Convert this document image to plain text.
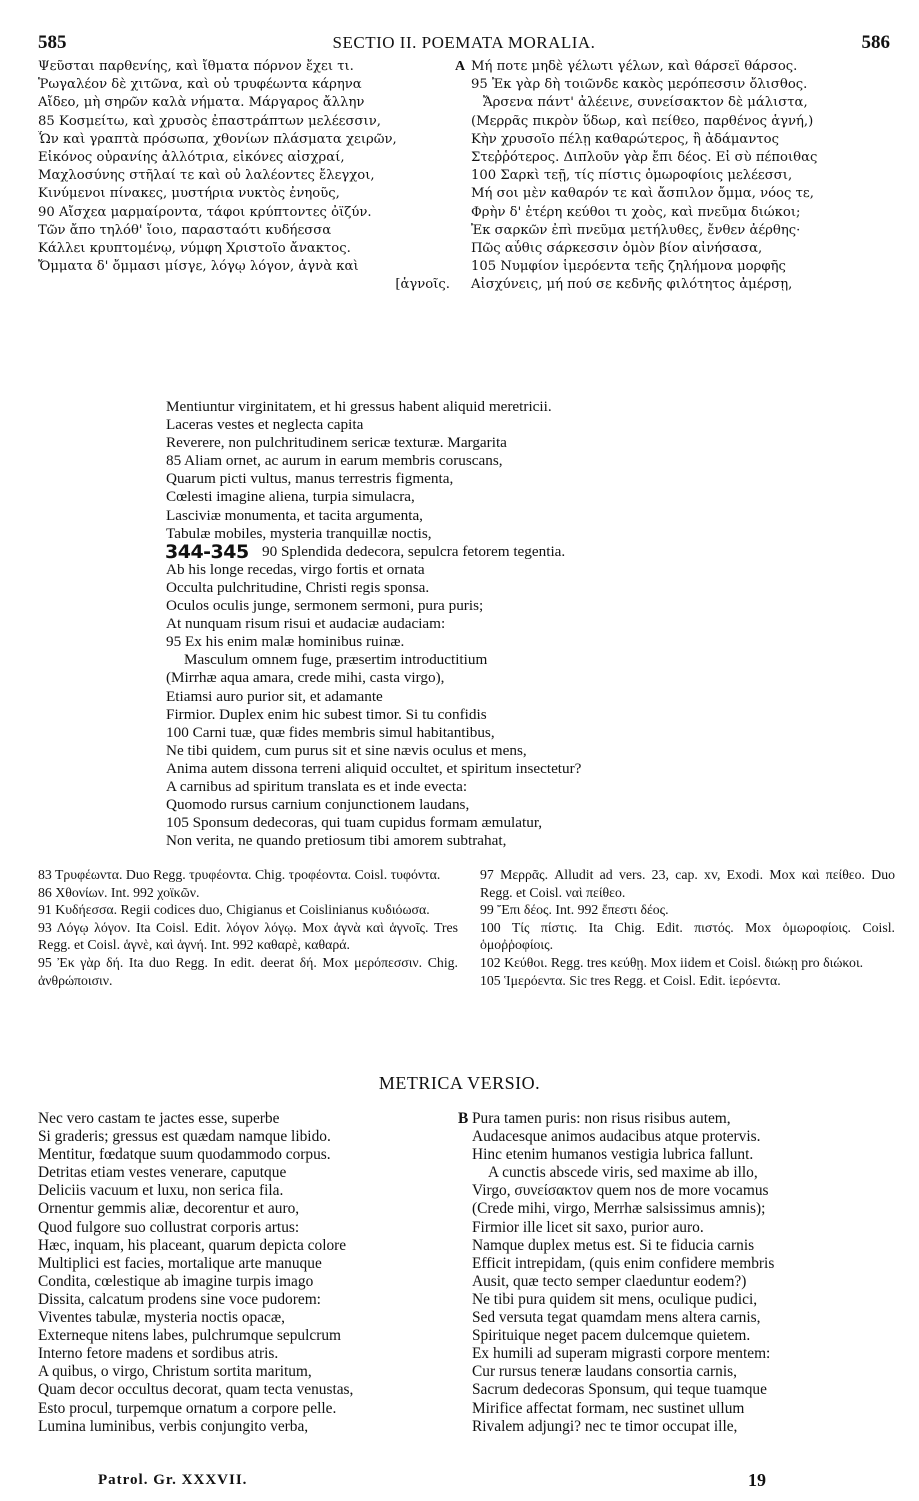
585	SECTIO II. POEMATA MORALIA.	586
Ψεῦσται παρθενίης, καὶ ἴθματα πόρνον ἔχει τι.
Ῥωγαλέον δὲ χιτῶνα, καὶ οὐ τρυφέωντα κάρηνα
Αἴδεο, μὴ σηρῶν καλὰ νήματα. Μάργαρος ἄλλην
85 Κοσμείτω, καὶ χρυσὸς ἐπαστράπτων μελέεσσιν,
Ὧν καὶ γραπτὰ πρόσωπα, χθονίων πλάσματα χειρῶν,
Εἰκόνος οὐρανίης ἀλλότρια, εἰκόνες αἰσχραί,
Μαχλοσύνης στῆλαί τε καὶ οὐ λαλέοντες ἔλεγχοι,
Κινύμενοι πίνακες, μυστήρια νυκτὸς ἐνηοῦς,
90 Αἴσχεα μαρμαίροντα, τάφοι κρύπτοντες ὀϊζύν.
Τῶν ἄπο τηλόθ' ἴοιο, παρασταότι κυδήεσσα
Κάλλει κρυπτομένῳ, νύμφη Χριστοῖο ἄνακτος.
Ὄμματα δ' ὄμμασι μίσγε, λόγῳ λόγον, ἁγνὰ καὶ
[ἁγνοῖς.
A Μή ποτε μηδὲ γέλωτι γέλων, καὶ θάρσεϊ θάρσος.
95 Ἐκ γὰρ δὴ τοιῶνδε κακὸς μερόπεσσιν ὄλισθος.
Ἄρσενα πάντ' ἀλέεινε, συνείσακτον δὲ μάλιστα,
(Μερρᾶς πικρὸν ὕδωρ, καὶ πείθεο, παρθένος ἁγνή,)
Κὴν χρυσοῖο πέλῃ καθαρώτερος, ἢ ἀδάμαντος
Στεῤῥότερος. Διπλοῦν γὰρ ἔπι δέος. Εἰ σὺ πέποιθας
100 Σαρκὶ τεῇ, τίς πίστις ὁμωροφίοις μελέεσσι,
Μή σοι μὲν καθαρόν τε καὶ ἄσπιλον ὄμμα, νόος τε,
Φρὴν δ' ἑτέρη κεύθοι τι χοὸς, καὶ πνεῦμα διώκοι;
Ἐκ σαρκῶν ἐπὶ πνεῦμα μετήλυθες, ἔνθεν ἀέρθης·
Πῶς αὖθις σάρκεσσιν ὁμὸν βίον αἰνήσασα,
105 Νυμφίον ἱμερόεντα τεῆς ζηλήμονα μορφῆς
Αἰσχύνεις, μή πού σε κεδνῆς φιλότητος ἀμέρσῃ,
Mentiuntur virginitatem, et hi gressus habent aliquid meretricii.
Laceras vestes et neglecta capita
Reverere, non pulchritudinem sericæ texturæ. Margarita
85 Aliam ornet, ac aurum in earum membris coruscans,
Quarum picti vultus, manus terrestris figmenta,
Cœlesti imagine aliena, turpia simulacra,
Lasciviæ monumenta, et tacita argumenta,
Tabulæ mobiles, mysteria tranquillæ noctis,
90 Splendida dedecora, sepulcra fetorem tegentia.
Ab his longe recedas, virgo fortis et ornata
Occulta pulchritudine, Christi regis sponsa.
Oculos oculis junge, sermonem sermoni, pura puris;
At nunquam risum risui et audaciæ audaciam:
95 Ex his enim malæ hominibus ruinæ.
Masculum omnem fuge, præsertim introductitium
(Mirrhæ aqua amara, crede mihi, casta virgo),
Etiamsi auro purior sit, et adamante
Firmior. Duplex enim hic subest timor. Si tu confidis
100 Carni tuæ, quæ fides membris simul habitantibus,
Ne tibi quidem, cum purus sit et sine nævis oculus et mens,
Anima autem dissona terreni aliquid occultet, et spiritum insectetur?
A carnibus ad spiritum translata es et inde evecta:
Quomodo rursus carnium conjunctionem laudans,
105 Sponsum dedecoras, qui tuam cupidus formam æmulatur,
Non verita, ne quando pretiosum tibi amorem subtrahat,
344-345
83 Τρυφέωντα. Duo Regg. τρυφέοντα. Chig. τροφέοντα. Coisl. τυφόντα.
86 Χθονίων. Int. 992 χοϊκῶν.
91 Κυδήεσσα. Regii codices duo, Chigianus et Coislinianus κυδιόωσα.
93 Λόγῳ λόγον. Ita Coisl. Edit. λόγον λόγῳ. Mox ἁγνὰ καὶ ἁγνοῖς. Tres Regg. et Coisl. ἁγνὲ, καὶ ἁγνή. Int. 992 καθαρὲ, καθαρά.
95 Ἐκ γὰρ δή. Ita duo Regg. In edit. deerat δή. Mox μερόπεσσιν. Chig. ἀνθρώποισιν.
97 Μερρᾶς. Alludit ad vers. 23, cap. xv, Exodi. Mox καὶ πείθεο. Duo Regg. et Coisl. ναὶ πείθεο.
99 Ἔπι δέος. Int. 992 ἔπεστι δέος.
100 Τίς πίστις. Ita Chig. Edit. πιστός. Mox ὁμωροφίοις. Coisl. ὁμοῤῥοφίοις.
102 Κεύθοι. Regg. tres κεύθῃ. Mox iidem et Coisl. διώκῃ pro διώκοι.
105 Ἱμερόεντα. Sic tres Regg. et Coisl. Edit. ἱερόεντα.
METRICA VERSIO.
Nec vero castam te jactes esse, superbe
Si graderis; gressus est quædam namque libido.
Mentitur, fœdatque suum quodammodo corpus.
Detritas etiam vestes venerare, caputque
Deliciis vacuum et luxu, non serica fila.
Ornentur gemmis aliæ, decorentur et auro,
Quod fulgore suo collustrat corporis artus:
Hæc, inquam, his placeant, quarum depicta colore
Multiplici est facies, mortalique arte manuque
Condita, cœlestique ab imagine turpis imago
Dissita, calcatum prodens sine voce pudorem:
Viventes tabulæ, mysteria noctis opacæ,
Externeque nitens labes, pulchrumque sepulcrum
Interno fetore madens et sordibus atris.
A quibus, o virgo, Christum sortita maritum,
Quam decor occultus decorat, quam tecta venustas,
Esto procul, turpemque ornatum a corpore pelle.
Lumina luminibus, verbis conjungito verba,
B Pura tamen puris: non risus risibus autem,
Audacesque animos audacibus atque protervis.
Hinc etenim humanos vestigia lubrica fallunt.
A cunctis abscede viris, sed maxime ab illo,
Virgo, συνείσακτον quem nos de more vocamus
(Crede mihi, virgo, Merrhæ salsissimus amnis);
Firmior ille licet sit saxo, purior auro.
Namque duplex metus est. Si te fiducia carnis
Efficit intrepidam, (quis enim confidere membris
Ausit, quæ tecto semper claeduntur eodem?)
Ne tibi pura quidem sit mens, oculique pudici,
Sed versuta tegat quamdam mens altera carnis,
Spirituique neget pacem dulcemque quietem.
Ex humili ad superam migrasti corpore mentem:
Cur rursus teneræ laudans consortia carnis,
Sacrum dedecoras Sponsum, qui teque tuamque
Mirifice affectat formam, nec sustinet ullum
Rivalem adjungi? nec te timor occupat ille,
Patrol. Gr. XXXVII.	19
